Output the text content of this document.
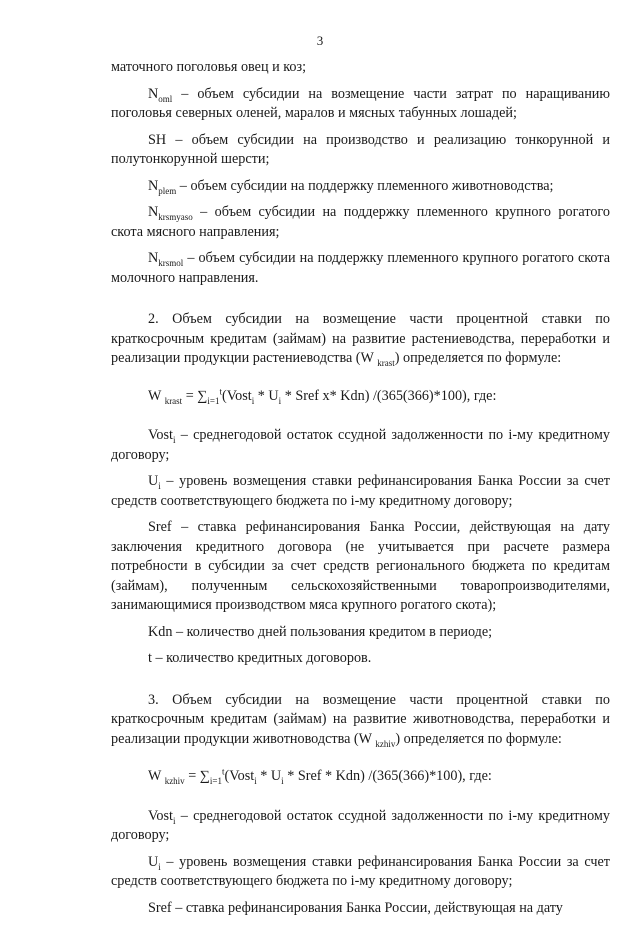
3

маточного поголовья овец и коз;

$N_{oml}$ – объем субсидии на возмещение части затрат по наращиванию поголовья северных оленей, маралов и мясных табунных лошадей;

SH – объем субсидии на производство и реализацию тонкорунной и полутонкорунной шерсти;

$N_{plem}$ – объем субсидии на поддержку племенного животноводства;

$N_{krsmyaso}$ – объем субсидии на поддержку племенного крупного рогатого скота мясного направления;

$N_{krsmol}$ – объем субсидии на поддержку племенного крупного рогатого скота молочного направления.

2. Объем субсидии на возмещение части процентной ставки по краткосрочным кредитам (займам) на развитие растениеводства, переработки и реализации продукции растениеводства (W $_{krast}$) определяется по формуле:

W $_{krast} = \sum_{i=1}^t(Vost_i * U_i$ * Sref x* Kdn) /(365(366)*100), где:

Vost$_i$ – среднегодовой остаток ссудной задолженности по i-му кредитному договору;

$U_i$ – уровень возмещения ставки рефинансирования Банка России за счет средств соответствующего бюджета по i-му кредитному договору;

Sref – ставка рефинансирования Банка России, действующая на дату заключения кредитного договора (не учитывается при расчете размера потребности в субсидии за счет средств регионального бюджета по кредитам (займам), полученным сельскохозяйственными товаропроизводителями, занимающимися производством мяса крупного рогатого скота);

Kdn – количество дней пользования кредитом в периоде;

t – количество кредитных договоров.

3. Объем субсидии на возмещение части процентной ставки по краткосрочным кредитам (займам) на развитие животноводства, переработки и реализации продукции животноводства (W $_{kzhiv}$) определяется по формуле:

W $_{kzhiv} = \sum_{i=1}^t(Vost_i * U_i$ * Sref * Kdn) /(365(366)*100), где:

Vost$_i$ – среднегодовой остаток ссудной задолженности по i-му кредитному договору;

$U_i$ – уровень возмещения ставки рефинансирования Банка России за счет средств соответствующего бюджета по i-му кредитному договору;

Sref – ставка рефинансирования Банка России, действующая на дату
